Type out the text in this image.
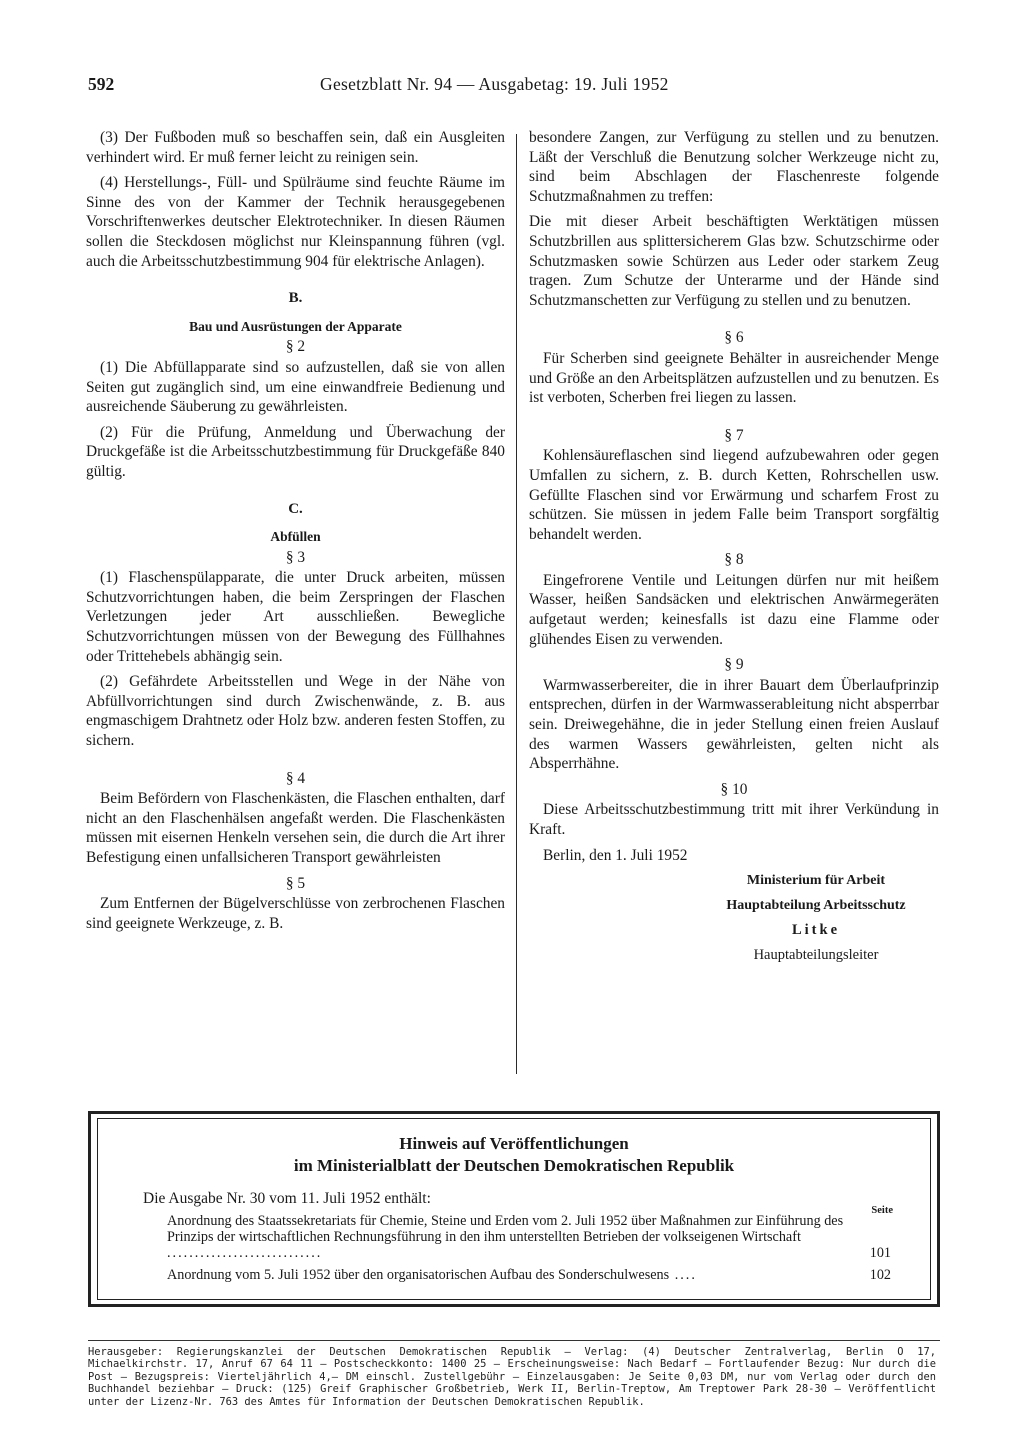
592	Gesetzblatt Nr. 94 — Ausgabetag: 19. Juli 1952

(3) Der Fußboden muß so beschaffen sein, daß ein Ausgleiten verhindert wird. Er muß ferner leicht zu reinigen sein.

(4) Herstellungs-, Füll- und Spülräume sind feuchte Räume im Sinne des von der Kammer der Technik herausgegebenen Vorschriftenwerkes deutscher Elektrotechniker. In diesen Räumen sollen die Steckdosen möglichst nur Kleinspannung führen (vgl. auch die Arbeitsschutzbestimmung 904 für elektrische Anlagen).

B.
Bau und Ausrüstungen der Apparate
§ 2

(1) Die Abfüllapparate sind so aufzustellen, daß sie von allen Seiten gut zugänglich sind, um eine einwandfreie Bedienung und ausreichende Säuberung zu gewährleisten.

(2) Für die Prüfung, Anmeldung und Überwachung der Druckgefäße ist die Arbeitsschutzbestimmung für Druckgefäße 840 gültig.

C.
Abfüllen
§ 3

(1) Flaschenspülapparate, die unter Druck arbeiten, müssen Schutzvorrichtungen haben, die beim Zerspringen der Flaschen Verletzungen jeder Art ausschließen. Bewegliche Schutzvorrichtungen müssen von der Bewegung des Füllhahnes oder Trittehebels abhängig sein.

(2) Gefährdete Arbeitsstellen und Wege in der Nähe von Abfüllvorrichtungen sind durch Zwischenwände, z. B. aus engmaschigem Drahtnetz oder Holz bzw. anderen festen Stoffen, zu sichern.

§ 4

Beim Befördern von Flaschenkästen, die Flaschen enthalten, darf nicht an den Flaschenhälsen angefaßt werden. Die Flaschenkästen müssen mit eisernen Henkeln versehen sein, die durch die Art ihrer Befestigung einen unfallsicheren Transport gewährleisten

§ 5

Zum Entfernen der Bügelverschlüsse von zerbrochenen Flaschen sind geeignete Werkzeuge, z. B.

besondere Zangen, zur Verfügung zu stellen und zu benutzen. Läßt der Verschluß die Benutzung solcher Werkzeuge nicht zu, sind beim Abschlagen der Flaschenreste folgende Schutzmaßnahmen zu treffen:

Die mit dieser Arbeit beschäftigten Werktätigen müssen Schutzbrillen aus splittersicherem Glas bzw. Schutzschirme oder Schutzmasken sowie Schürzen aus Leder oder starkem Zeug tragen. Zum Schutze der Unterarme und der Hände sind Schutzmanschetten zur Verfügung zu stellen und zu benutzen.

§ 6

Für Scherben sind geeignete Behälter in ausreichender Menge und Größe an den Arbeitsplätzen aufzustellen und zu benutzen. Es ist verboten, Scherben frei liegen zu lassen.

§ 7

Kohlensäureflaschen sind liegend aufzubewahren oder gegen Umfallen zu sichern, z. B. durch Ketten, Rohrschellen usw. Gefüllte Flaschen sind vor Erwärmung und scharfem Frost zu schützen. Sie müssen in jedem Falle beim Transport sorgfältig behandelt werden.

§ 8

Eingefrorene Ventile und Leitungen dürfen nur mit heißem Wasser, heißen Sandsäcken und elektrischen Anwärmegeräten aufgetaut werden; keinesfalls ist dazu eine Flamme oder glühendes Eisen zu verwenden.

§ 9

Warmwasserbereiter, die in ihrer Bauart dem Überlaufprinzip entsprechen, dürfen in der Warmwasserableitung nicht absperrbar sein. Dreiwegehähne, die in jeder Stellung einen freien Auslauf des warmen Wassers gewährleisten, gelten nicht als Absperrhähne.

§ 10

Diese Arbeitsschutzbestimmung tritt mit ihrer Verkündung in Kraft.

Berlin, den 1. Juli 1952

Ministerium für Arbeit

Hauptabteilung Arbeitsschutz

Litke

Hauptabteilungsleiter

Hinweis auf Veröffentlichungen
im Ministerialblatt der Deutschen Demokratischen Republik
Die Ausgabe Nr. 30 vom 11. Juli 1952 enthält:
Seite
Anordnung des Staatssekretariats für Chemie, Steine und Erden vom 2. Juli 1952 über Maßnahmen zur Einführung des Prinzips der wirtschaftlichen Rechnungsführung in den ihm unterstellten Betrieben der volkseigenen Wirtschaft ............................	101
Anordnung vom 5. Juli 1952 über den organisatorischen Aufbau des Sonderschulwesens ....	102
Herausgeber: Regierungskanzlei der Deutschen Demokratischen Republik — Verlag: (4) Deutscher Zentralverlag, Berlin O 17, Michaelkirchstr. 17, Anruf 67 64 11 — Postscheckkonto: 1400 25 — Erscheinungsweise: Nach Bedarf — Fortlaufender Bezug: Nur durch die Post — Bezugspreis: Vierteljährlich 4,— DM einschl. Zustellgebühr — Einzelausgaben: Je Seite 0,03 DM, nur vom Verlag oder durch den Buchhandel beziehbar — Druck: (125) Greif Graphischer Großbetrieb, Werk II, Berlin-Treptow, Am Treptower Park 28-30 — Veröffentlicht unter der Lizenz-Nr. 763 des Amtes für Information der Deutschen Demokratischen Republik.
